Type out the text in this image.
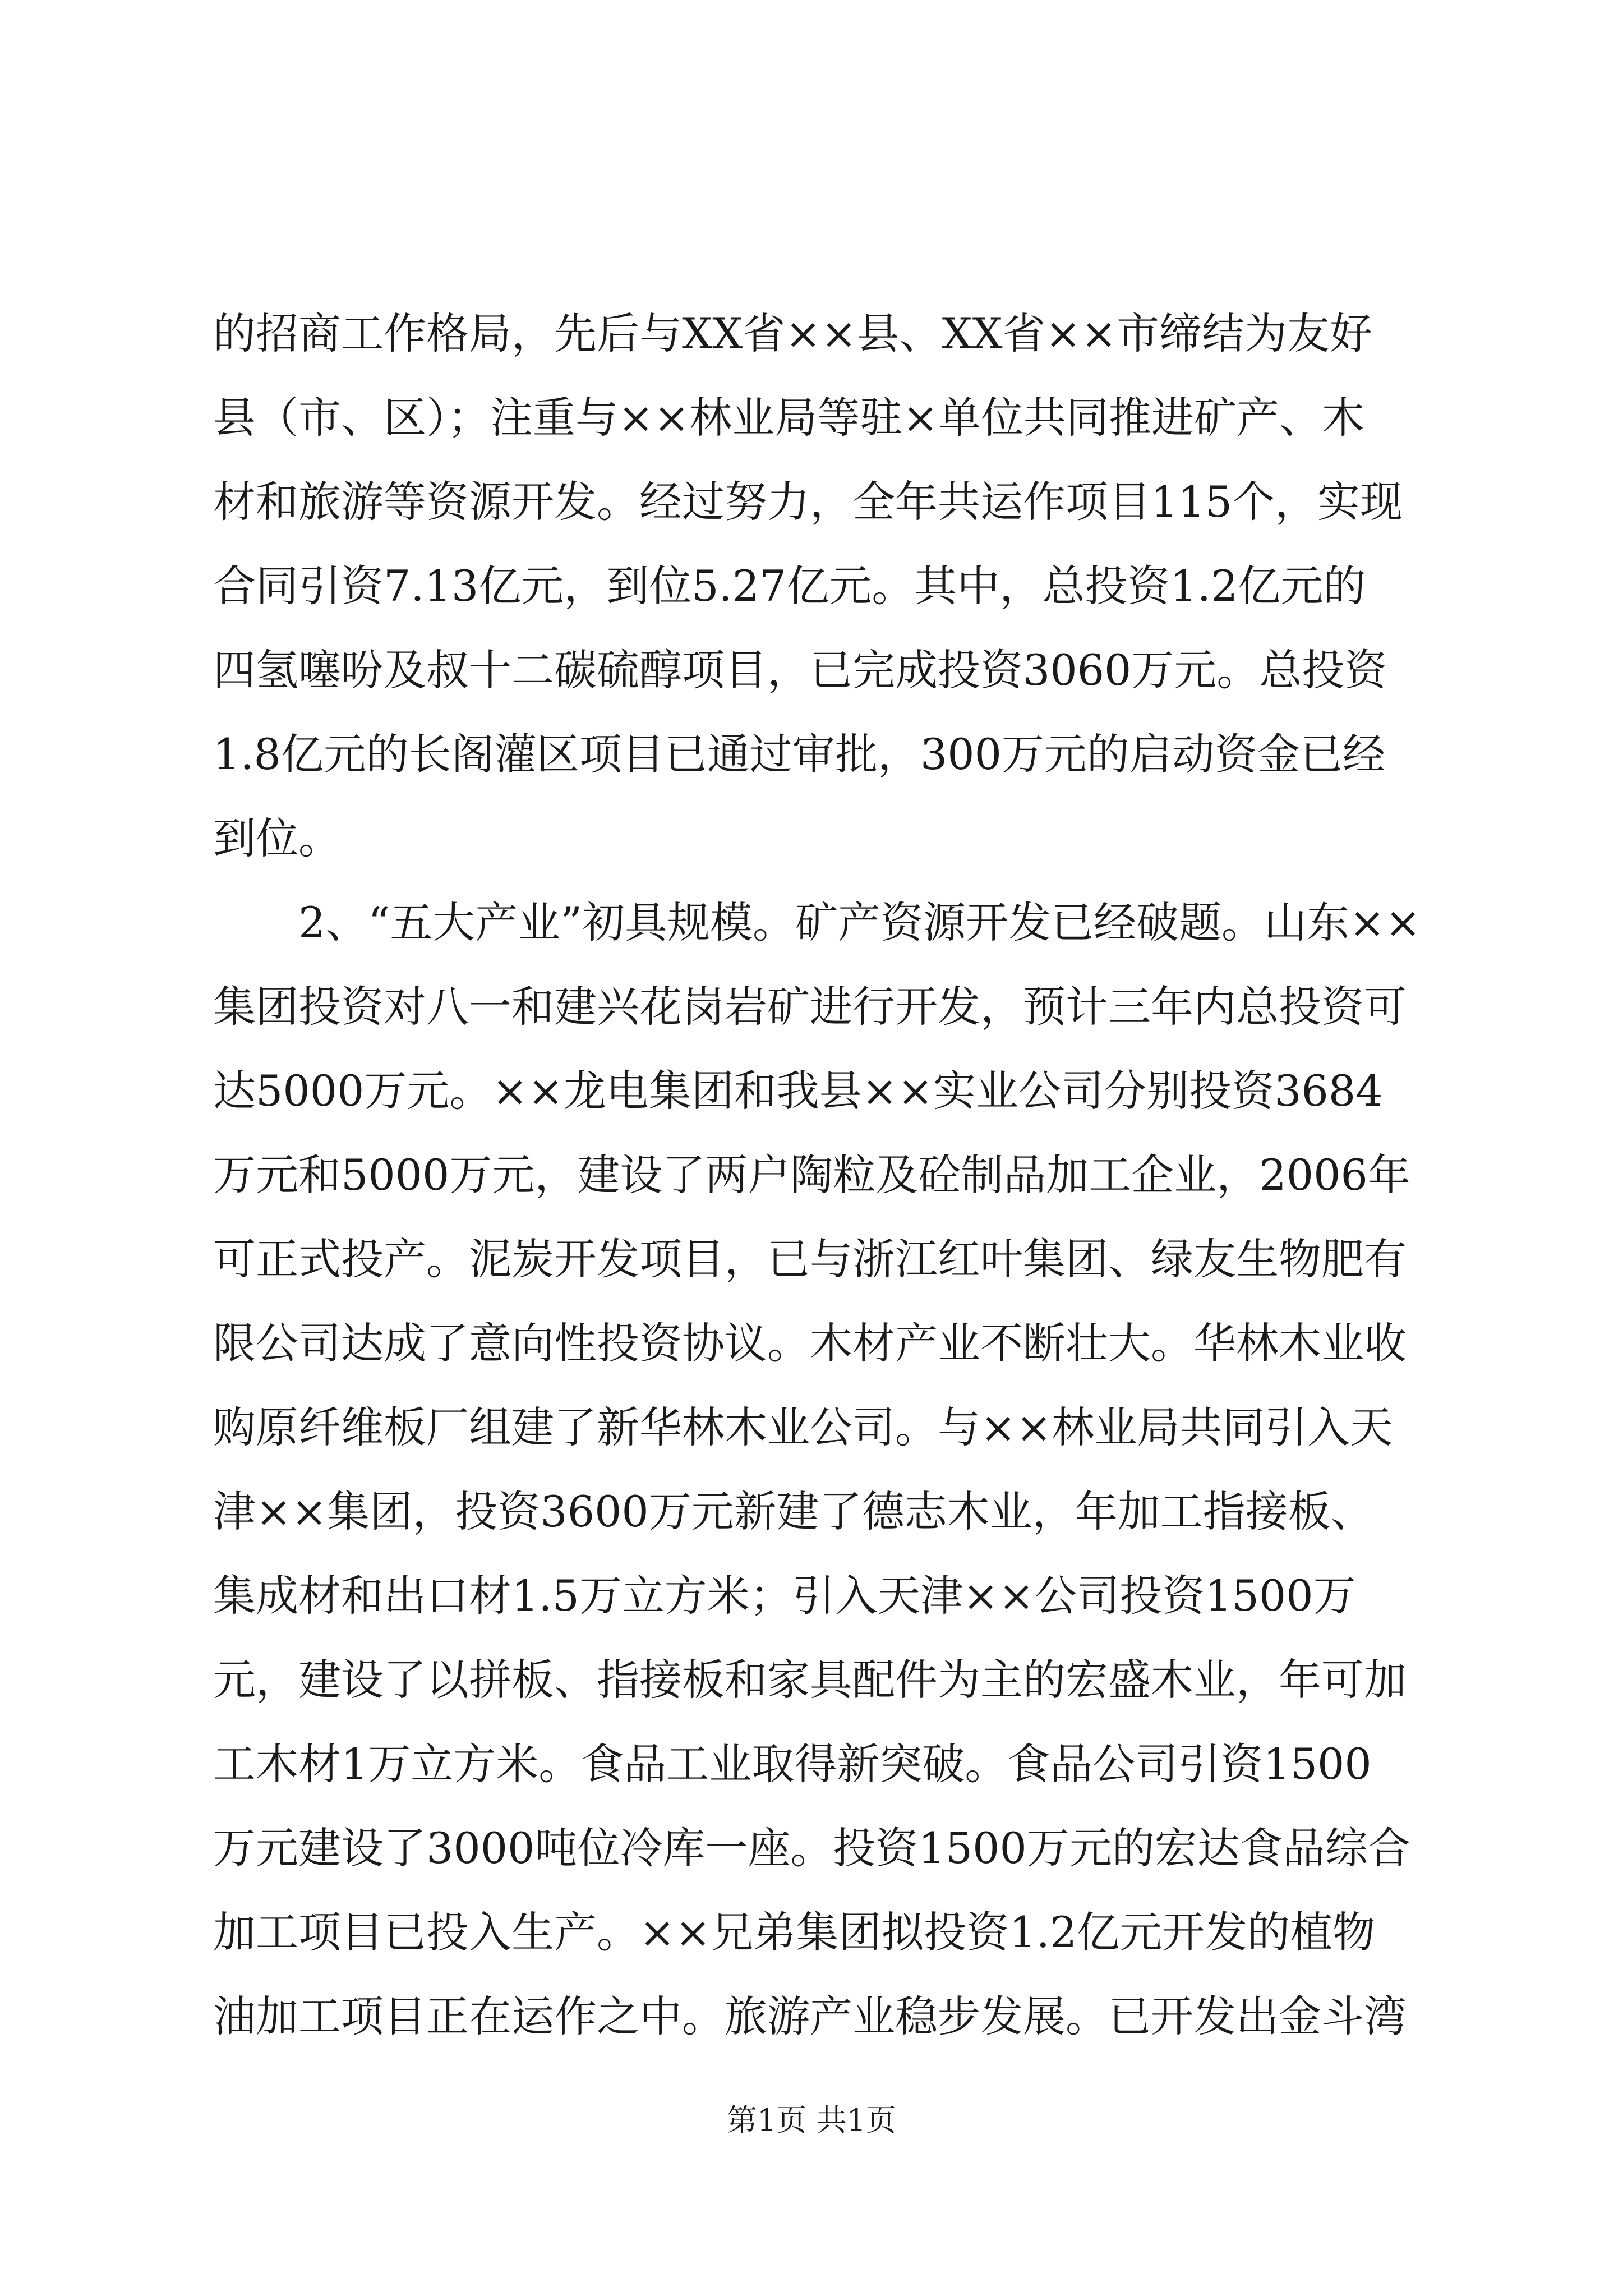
的招商工作格局，先后与XX省××县、XX省××市缔结为友好
县（市、区）；注重与××林业局等驻×单位共同推进矿产、木
材和旅游等资源开发。经过努力，全年共运作项目115个，实现
合同引资7.13亿元，到位5.27亿元。其中，总投资1.2亿元的
四氢噻吩及叔十二碳硫醇项目，已完成投资3060万元。总投资
1.8亿元的长阁灌区项目已通过审批，300万元的启动资金已经
到位。
2、“五大产业”初具规模。矿产资源开发已经破题。山东××
集团投资对八一和建兴花岗岩矿进行开发，预计三年内总投资可
达5000万元。××龙电集团和我县××实业公司分别投资3684
万元和5000万元，建设了两户陶粒及砼制品加工企业，2006年
可正式投产。泥炭开发项目，已与浙江红叶集团、绿友生物肥有
限公司达成了意向性投资协议。木材产业不断壮大。华林木业收
购原纤维板厂组建了新华林木业公司。与××林业局共同引入天
津××集团，投资3600万元新建了德志木业，年加工指接板、
集成材和出口材1.5万立方米；引入天津××公司投资1500万
元，建设了以拼板、指接板和家具配件为主的宏盛木业，年可加
工木材1万立方米。食品工业取得新突破。食品公司引资1500
万元建设了3000吨位冷库一座。投资1500万元的宏达食品综合
加工项目已投入生产。××兄弟集团拟投资1.2亿元开发的植物
油加工项目正在运作之中。旅游产业稳步发展。已开发出金斗湾
第1页 共1页
